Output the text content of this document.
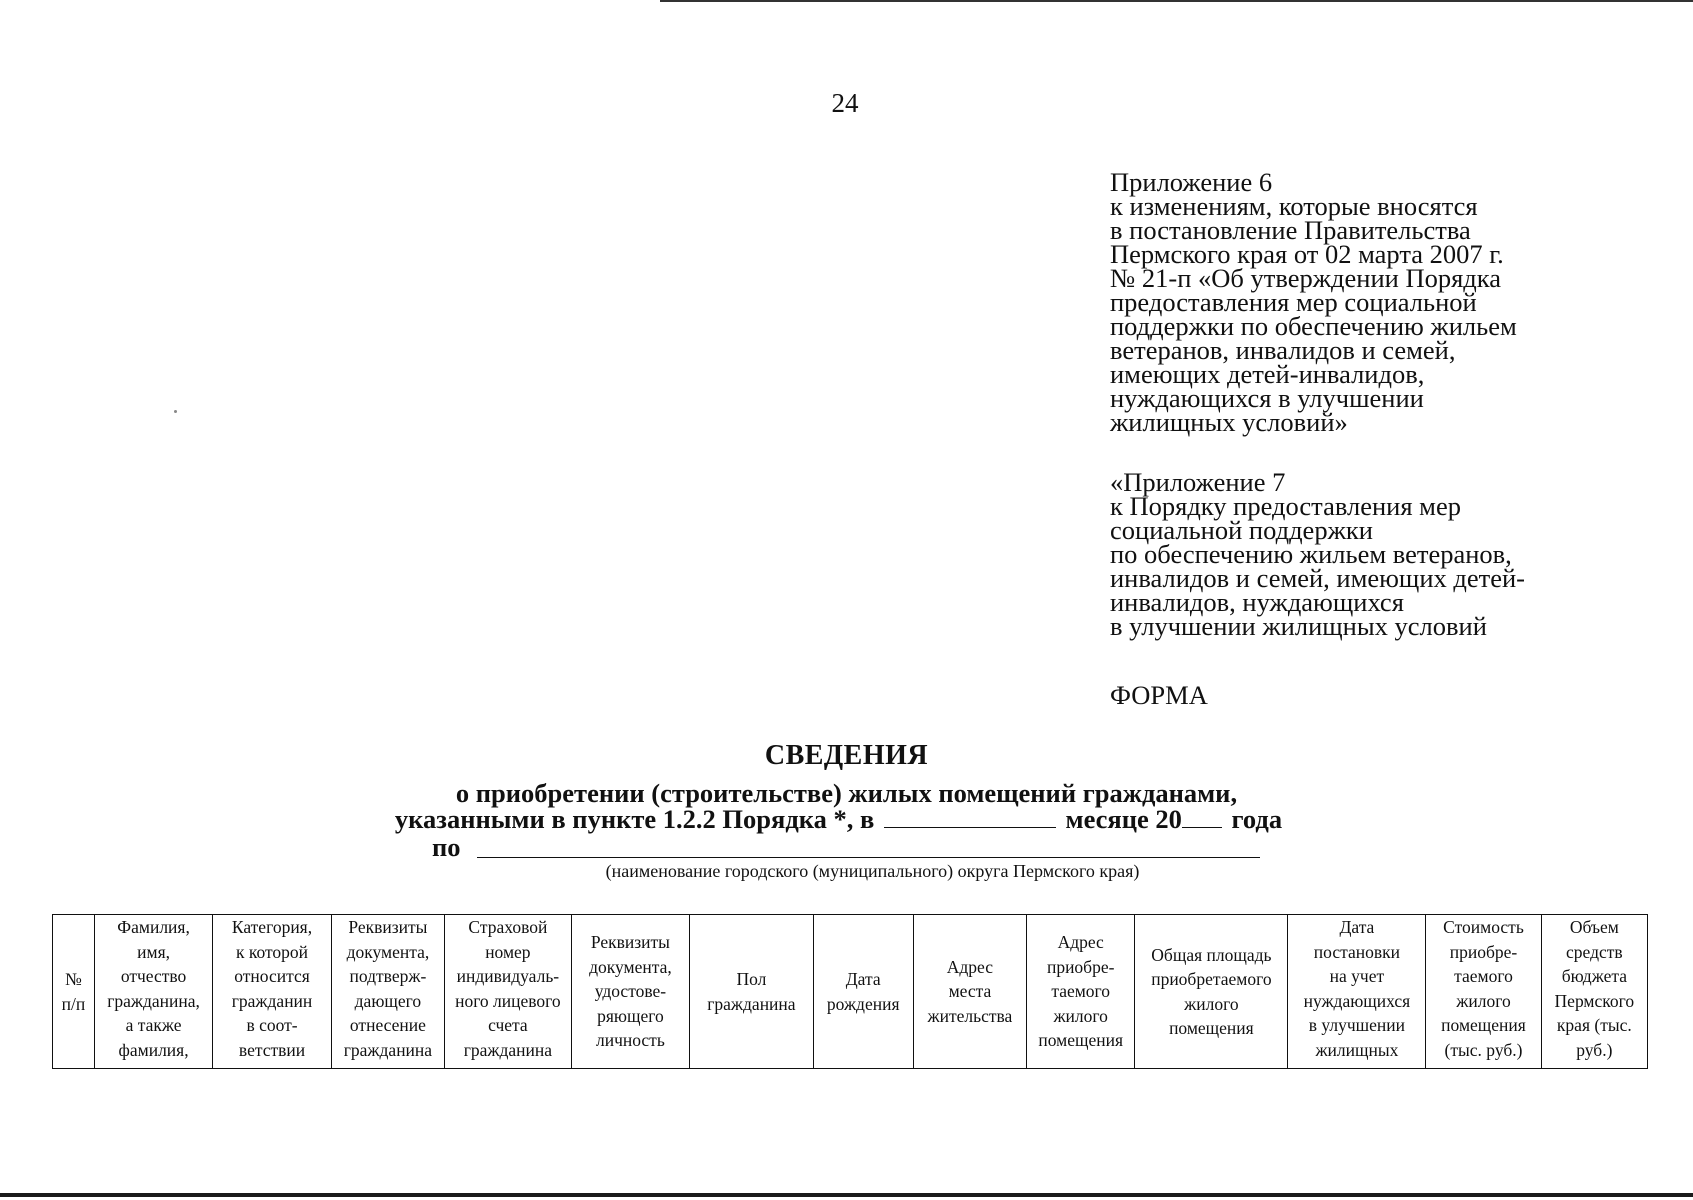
24
Приложение 6
к изменениям, которые вносятся
в постановление Правительства
Пермского края от 02 марта 2007 г.
№ 21-п «Об утверждении Порядка
предоставления мер социальной
поддержки по обеспечению жильем
ветеранов, инвалидов и семей,
имеющих детей-инвалидов,
нуждающихся в улучшении
жилищных условий»
«Приложение 7
к Порядку предоставления мер
социальной поддержки
по обеспечению жильем ветеранов,
инвалидов и семей, имеющих детей-
инвалидов, нуждающихся
в улучшении жилищных условий
ФОРМА
СВЕДЕНИЯ
о приобретении (строительстве) жилых помещений гражданами,
указанными в пункте 1.2.2 Порядка *, в	месяце 20 года
по
(наименование городского (муниципального) округа Пермского края)
№
п/п

Фамилия,
имя,
отчество
гражданина,
а также
фамилия,

Категория,
к которой
относится
гражданин
в соот-
ветствии

Реквизиты
документа,
подтверж-
дающего
отнесение
гражданина

Страховой
номер
индивидуаль-
ного лицевого
счета
гражданина

Реквизиты
документа,
удостове-
ряющего
личность

Пол
гражданина

Дата
рождения

Адрес
места
жительства

Адрес
приобре-
таемого
жилого
помещения

Общая площадь
приобретаемого
жилого
помещения

Дата
постановки
на учет
нуждающихся
в улучшении
жилищных

Стоимость
приобре-
таемого
жилого
помещения
(тыс. руб.)

Объем
средств
бюджета
Пермского
края (тыс.
руб.)
